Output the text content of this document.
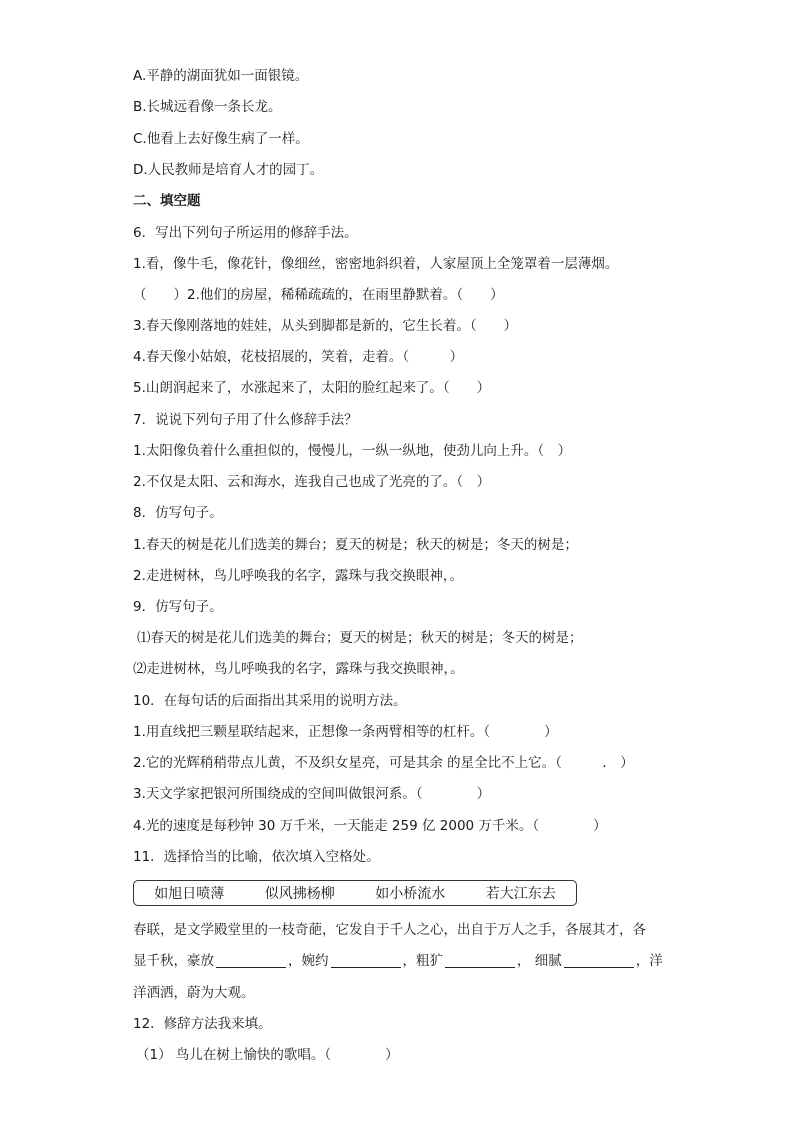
A.平静的湖面犹如一面银镜。
B.长城远看像一条长龙。
C.他看上去好像生病了一样。
D.人民教师是培育人才的园丁。
二、填空题
6．写出下列句子所运用的修辞手法。
1.看，像牛毛，像花针，像细丝，密密地斜织着，人家屋顶上全笼罩着一层薄烟。
（　　）2.他们的房屋，稀稀疏疏的，在雨里静默着。（　　）
3.春天像刚落地的娃娃，从头到脚都是新的，它生长着。（　　）
4.春天像小姑娘，花枝招展的，笑着，走着。（　　　）
5.山朗润起来了，水涨起来了，太阳的脸红起来了。（　　）
7．说说下列句子用了什么修辞手法？
1.太阳像负着什么重担似的，慢慢儿，一纵一纵地，使劲儿向上升。（　）
2.不仅是太阳、云和海水，连我自己也成了光亮的了。（　）
8．仿写句子。
1.春天的树是花儿们选美的舞台；夏天的树是；秋天的树是；冬天的树是；
2.走进树林，鸟儿呼唤我的名字，露珠与我交换眼神，。
9．仿写句子。
⑴春天的树是花儿们选美的舞台；夏天的树是；秋天的树是；冬天的树是；
⑵走进树林，鸟儿呼唤我的名字，露珠与我交换眼神，。
10．在每句话的后面指出其采用的说明方法。
1.用直线把三颗星联结起来，正想像一条两臂相等的杠杆。（　　　　）
2.它的光辉稍稍带点儿黄，不及织女星亮，可是其余 的星全比不上它。（　　　.　）
3.天文学家把银河所围绕成的空间叫做银河系。（　　　　）
4.光的速度是每秒钟 30 万千米，一天能走 259 亿 2000 万千米。（　　　　）
11．选择恰当的比喻，依次填入空格处。
如旭日喷薄	似风拂杨柳	如小桥流水	若大江东去
春联，是文学殿堂里的一枝奇葩，它发自于千人之心，出自于万人之手，各展其才，各
显千秋，豪放	，婉约	，粗犷	， 细腻	，洋
洋洒洒，蔚为大观。
12．修辞方法我来填。
（1） 鸟儿在树上愉快的歌唱。（　　　　）
